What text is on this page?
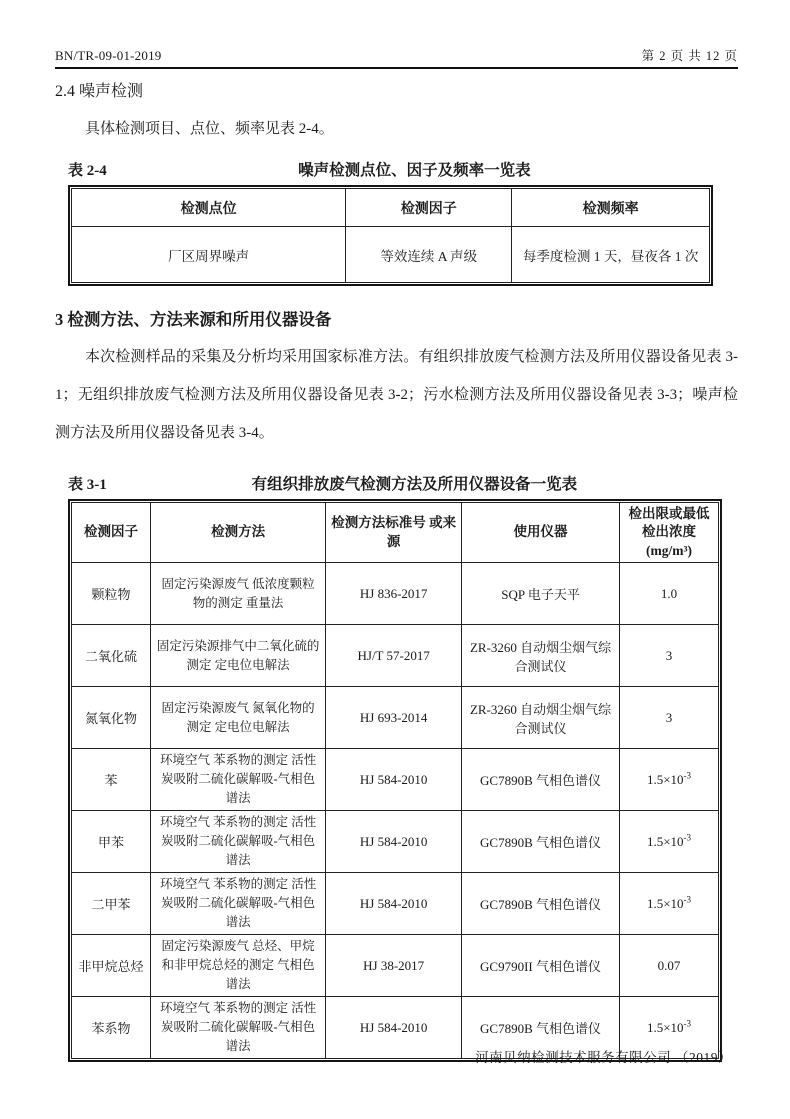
BN/TR-09-01-2019	第 2 页 共 12 页
2.4 噪声检测

具体检测项目、点位、频率见表 2-4。

表 2-4	噪声检测点位、因子及频率一览表
检测点位	检测因子	检测频率
厂区周界噪声	等效连续 A 声级	每季度检测 1 天，昼夜各 1 次
3 检测方法、方法来源和所用仪器设备

本次检测样品的采集及分析均采用国家标准方法。有组织排放废气检测方法及所用仪器设备见表 3-1；无组织排放废气检测方法及所用仪器设备见表 3-2；污水检测方法及所用仪器设备见表 3-3；噪声检测方法及所用仪器设备见表 3-4。

表 3-1	有组织排放废气检测方法及所用仪器设备一览表
检测因子	检测方法	检测方法标准号 或来源	使用仪器	检出限或最低 检出浓度
(mg/m³)

颗粒物	固定污染源废气 低浓度颗粒物的测定 重量法	HJ 836-2017	SQP 电子天平	1.0
二氧化硫	固定污染源排气中二氧化硫的测定 定电位电解法	HJ/T 57-2017	ZR-3260 自动烟尘烟气综合测试仪	3
氮氧化物	固定污染源废气 氮氧化物的测定 定电位电解法	HJ 693-2014	ZR-3260 自动烟尘烟气综合测试仪	3
苯	环境空气 苯系物的测定 活性炭吸附二硫化碳解吸-气相色谱法	HJ 584-2010	GC7890B 气相色谱仪	$1.5\times 10^{-3}$
甲苯	环境空气 苯系物的测定 活性炭吸附二硫化碳解吸-气相色谱法	HJ 584-2010	GC7890B 气相色谱仪	$1.5\times 10^{-3}$
二甲苯	环境空气 苯系物的测定 活性炭吸附二硫化碳解吸-气相色谱法	HJ 584-2010	GC7890B 气相色谱仪	$1.5\times 10^{-3}$
非甲烷总烃	固定污染源废气 总烃、甲烷和非甲烷总烃的测定 气相色谱法	HJ 38-2017	GC9790II 气相色谱仪	0.07
苯系物	环境空气 苯系物的测定 活性炭吸附二硫化碳解吸-气相色谱法	HJ 584-2010	GC7890B 气相色谱仪	$1.5\times 10^{-3}$
河南贝纳检测技术服务有限公司 （2019）
